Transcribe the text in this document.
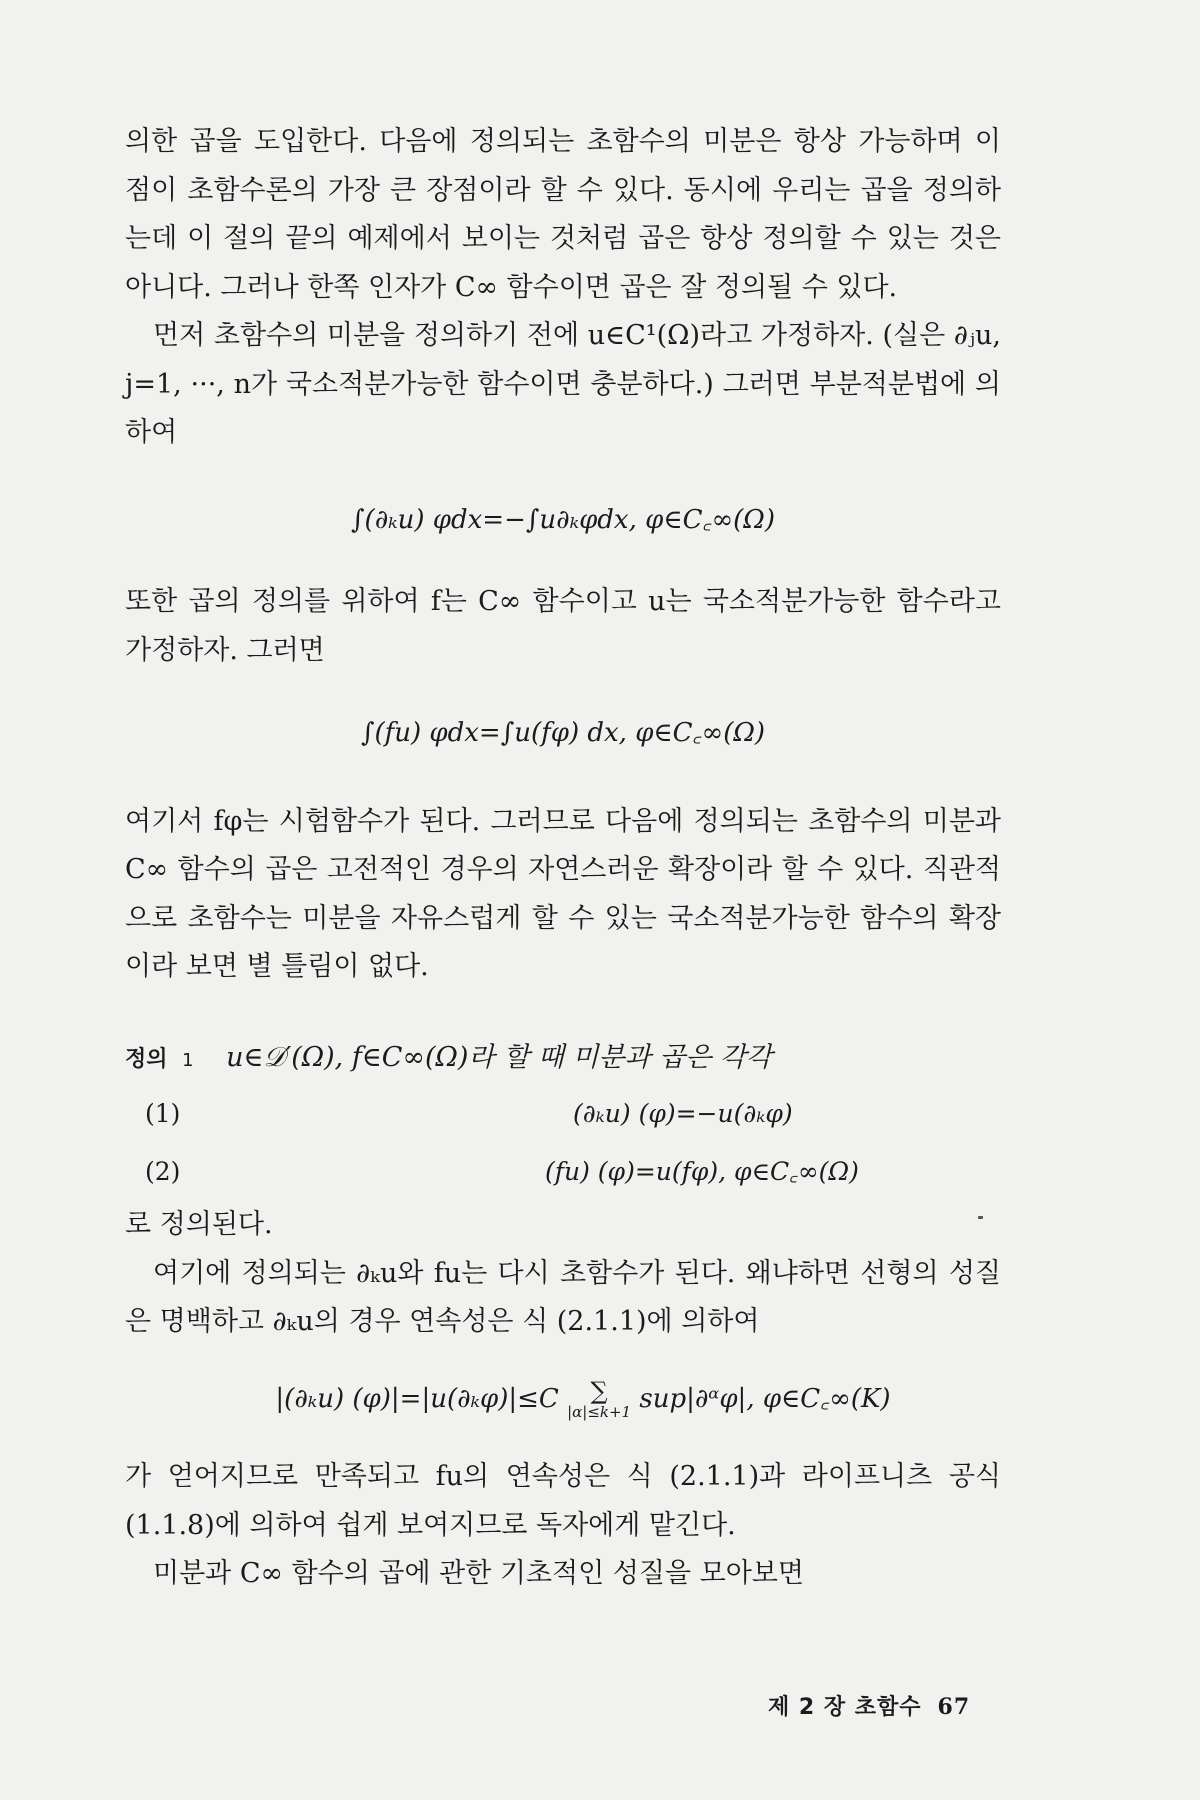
의한 곱을 도입한다. 다음에 정의되는 초함수의 미분은 항상 가능하며 이 점이 초함수론의 가장 큰 장점이라 할 수 있다. 동시에 우리는 곱을 정의하는데 이 절의 끝의 예제에서 보이는 것처럼 곱은 항상 정의할 수 있는 것은 아니다. 그러나 한쪽 인자가 C∞ 함수이면 곱은 잘 정의될 수 있다.

먼저 초함수의 미분을 정의하기 전에 u∈C¹(Ω)라고 가정하자. (실은 ∂ⱼu, j=1, ···, n가 국소적분가능한 함수이면 충분하다.) 그러면 부분적분법에 의하여

∫(∂ₖu) φdx=−∫u∂ₖφdx, φ∈C꜀∞(Ω)

또한 곱의 정의를 위하여 f는 C∞ 함수이고 u는 국소적분가능한 함수라고 가정하자. 그러면

∫(fu) φdx=∫u(fφ) dx, φ∈C꜀∞(Ω)

여기서 fφ는 시험함수가 된다. 그러므로 다음에 정의되는 초함수의 미분과 C∞ 함수의 곱은 고전적인 경우의 자연스러운 확장이라 할 수 있다. 직관적으로 초함수는 미분을 자유스럽게 할 수 있는 국소적분가능한 함수의 확장이라 보면 별 틀림이 없다.

정의 1 u∈𝒟′(Ω), f∈C∞(Ω)라 할 때 미분과 곱은 각각

(1)	(∂ₖu) (φ)=−u(∂ₖφ)
(2)	(fu) (φ)=u(fφ), φ∈C꜀∞(Ω)

로 정의된다.

여기에 정의되는 ∂ₖu와 fu는 다시 초함수가 된다. 왜냐하면 선형의 성질은 명백하고 ∂ₖu의 경우 연속성은 식 (2.1.1)에 의하여

|(∂ₖu) (φ)|=|u(∂ₖφ)|≤C ∑
|α|≤k+1 sup|∂ᵅφ|, φ∈C꜀∞(K)

가 얻어지므로 만족되고 fu의 연속성은 식 (2.1.1)과 라이프니츠 공식 (1.1.8)에 의하여 쉽게 보여지므로 독자에게 맡긴다.

미분과 C∞ 함수의 곱에 관한 기초적인 성질을 모아보면

제 2 장 초함수 67
